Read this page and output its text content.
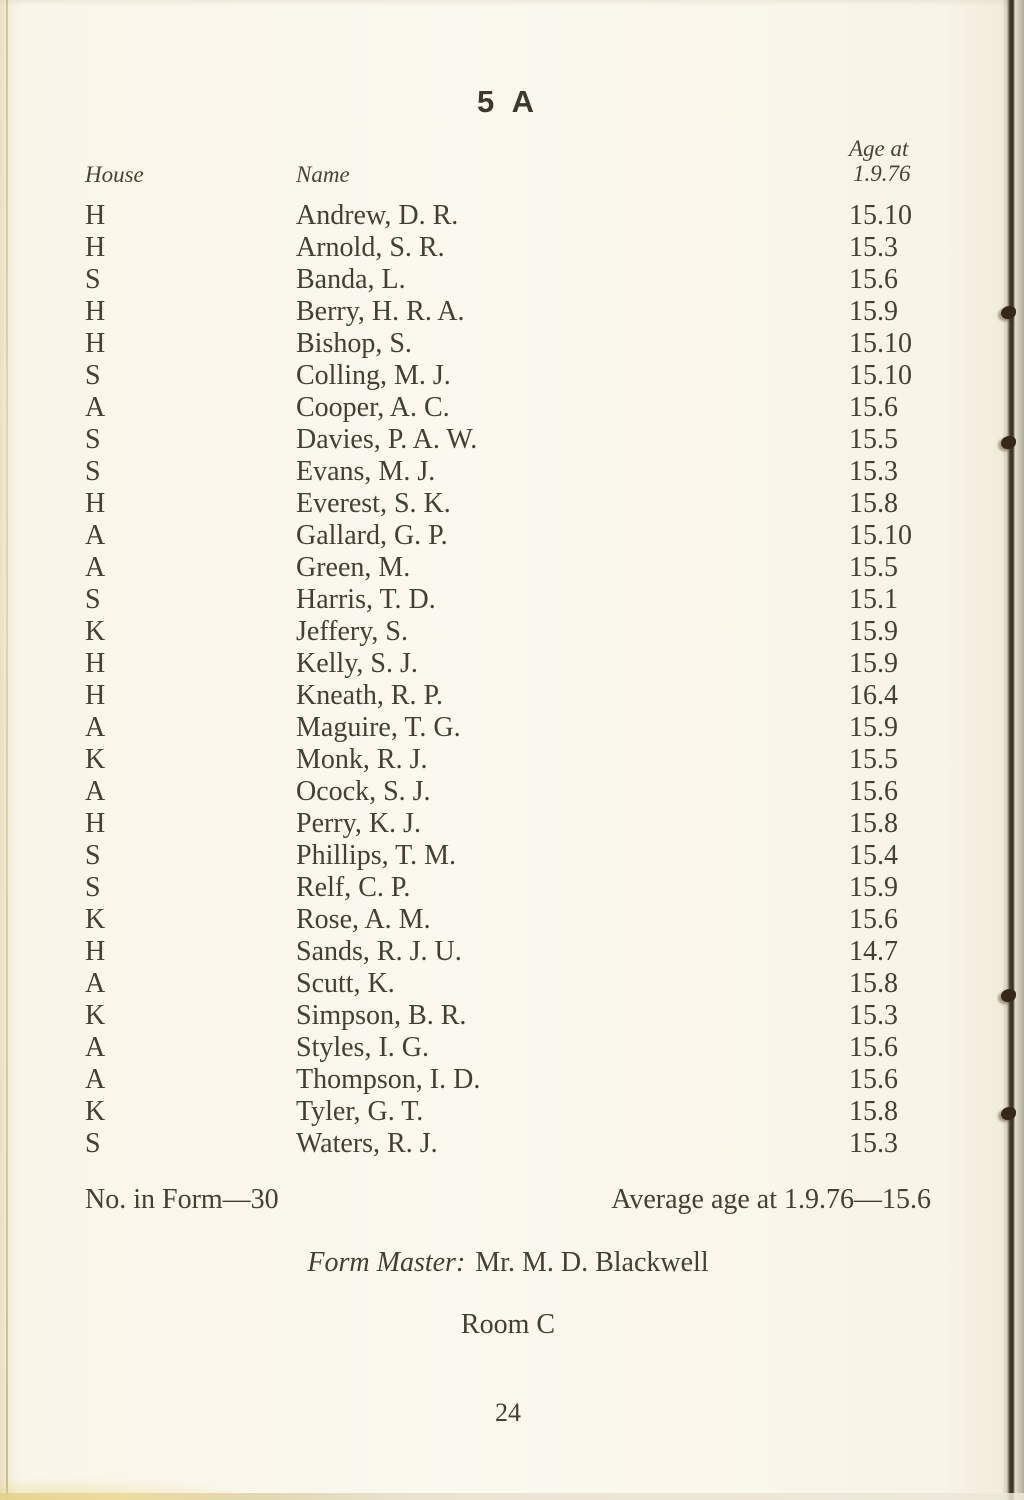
5 A
House	Name
Age at
1.9.76
H	Andrew, D. R.	15.10
H	Arnold, S. R.	15.3
S	Banda, L.	15.6
H	Berry, H. R. A.	15.9
H	Bishop, S.	15.10
S	Colling, M. J.	15.10
A	Cooper, A. C.	15.6
S	Davies, P. A. W.	15.5
S	Evans, M. J.	15.3
H	Everest, S. K.	15.8
A	Gallard, G. P.	15.10
A	Green, M.	15.5
S	Harris, T. D.	15.1
K	Jeffery, S.	15.9
H	Kelly, S. J.	15.9
H	Kneath, R. P.	16.4
A	Maguire, T. G.	15.9
K	Monk, R. J.	15.5
A	Ocock, S. J.	15.6
H	Perry, K. J.	15.8
S	Phillips, T. M.	15.4
S	Relf, C. P.	15.9
K	Rose, A. M.	15.6
H	Sands, R. J. U.	14.7
A	Scutt, K.	15.8
K	Simpson, B. R.	15.3
A	Styles, I. G.	15.6
A	Thompson, I. D.	15.6
K	Tyler, G. T.	15.8
S	Waters, R. J.	15.3
No. in Form—30	Average age at 1.9.76—15.6
Form Master: Mr. M. D. Blackwell
Room C
24
